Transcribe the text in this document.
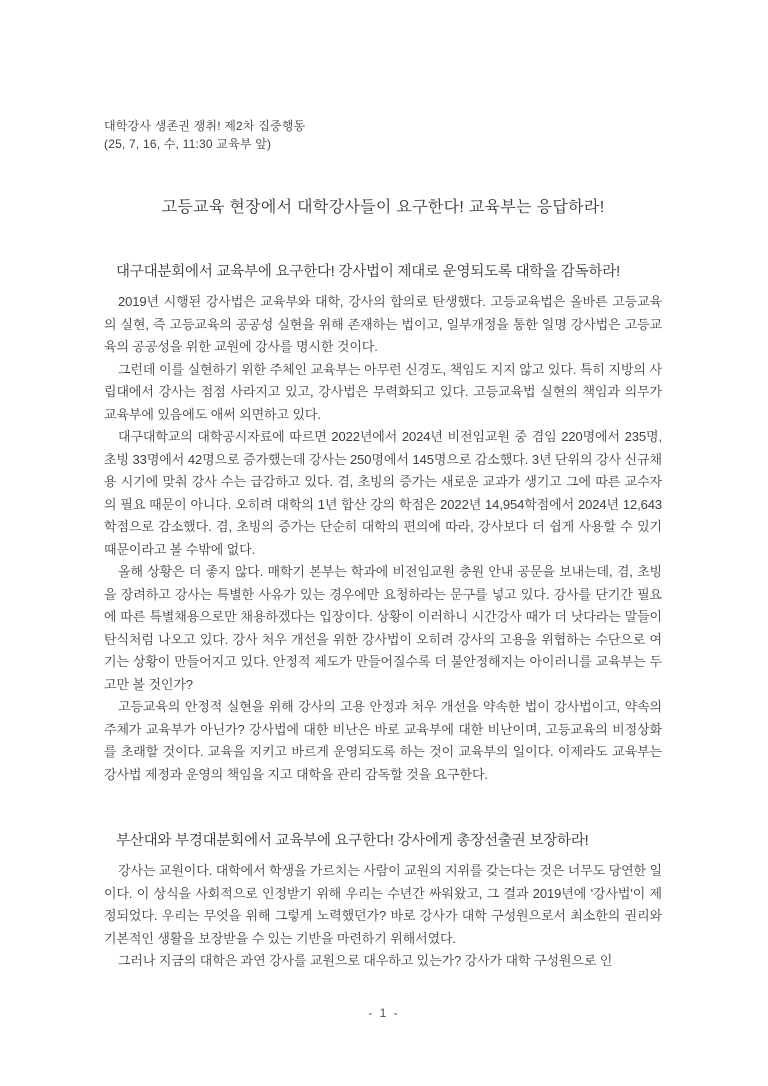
대학강사 생존권 쟁취! 제2차 집중행동
(25, 7, 16, 수, 11:30 교육부 앞)
고등교육 현장에서 대학강사들이 요구한다! 교육부는 응답하라!
대구대분회에서 교육부에 요구한다! 강사법이 제대로 운영되도록 대학을 감독하라!

2019년 시행된 강사법은 교육부와 대학, 강사의 합의로 탄생했다. 고등교육법은 올바른 고등교육의 실현, 즉 고등교육의 공공성 실현을 위해 존재하는 법이고, 일부개정을 통한 일명 강사법은 고등교육의 공공성을 위한 교원에 강사를 명시한 것이다.

그런데 이를 실현하기 위한 주체인 교육부는 아무런 신경도, 책임도 지지 않고 있다. 특히 지방의 사립대에서 강사는 점점 사라지고 있고, 강사법은 무력화되고 있다. 고등교육법 실현의 책임과 의무가 교육부에 있음에도 애써 외면하고 있다.

대구대학교의 대학공시자료에 따르면 2022년에서 2024년 비전임교원 중 겸임 220명에서 235명, 초빙 33명에서 42명으로 증가했는데 강사는 250명에서 145명으로 감소했다. 3년 단위의 강사 신규채용 시기에 맞춰 강사 수는 급감하고 있다. 겸, 초빙의 증가는 새로운 교과가 생기고 그에 따른 교수자의 필요 때문이 아니다. 오히려 대학의 1년 합산 강의 학점은 2022년 14,954학점에서 2024년 12,643학점으로 감소했다. 겸, 초빙의 증가는 단순히 대학의 편의에 따라, 강사보다 더 쉽게 사용할 수 있기 때문이라고 볼 수밖에 없다.

올해 상황은 더 좋지 않다. 매학기 본부는 학과에 비전임교원 충원 안내 공문을 보내는데, 겸, 초빙을 장려하고 강사는 특별한 사유가 있는 경우에만 요청하라는 문구를 넣고 있다. 강사를 단기간 필요에 따른 특별채용으로만 채용하겠다는 입장이다. 상황이 이러하니 시간강사 때가 더 낫다라는 말들이 탄식처럼 나오고 있다. 강사 처우 개선을 위한 강사법이 오히려 강사의 고용을 위협하는 수단으로 여기는 상황이 만들어지고 있다. 안정적 제도가 만들어질수록 더 불안정해지는 아이러니를 교육부는 두고만 볼 것인가?

고등교육의 안정적 실현을 위해 강사의 고용 안정과 처우 개선을 약속한 법이 강사법이고, 약속의 주체가 교육부가 아닌가? 강사법에 대한 비난은 바로 교육부에 대한 비난이며, 고등교육의 비정상화를 초래할 것이다. 교육을 지키고 바르게 운영되도록 하는 것이 교육부의 일이다. 이제라도 교육부는 강사법 제정과 운영의 책임을 지고 대학을 관리 감독할 것을 요구한다.

부산대와 부경대분회에서 교육부에 요구한다! 강사에게 총장선출권 보장하라!

강사는 교원이다. 대학에서 학생을 가르치는 사람이 교원의 지위를 갖는다는 것은 너무도 당연한 일이다. 이 상식을 사회적으로 인정받기 위해 우리는 수년간 싸워왔고, 그 결과 2019년에 '강사법'이 제정되었다. 우리는 무엇을 위해 그렇게 노력했던가? 바로 강사가 대학 구성원으로서 최소한의 권리와 기본적인 생활을 보장받을 수 있는 기반을 마련하기 위해서였다.

그러나 지금의 대학은 과연 강사를 교원으로 대우하고 있는가? 강사가 대학 구성원으로 인

- 1 -
